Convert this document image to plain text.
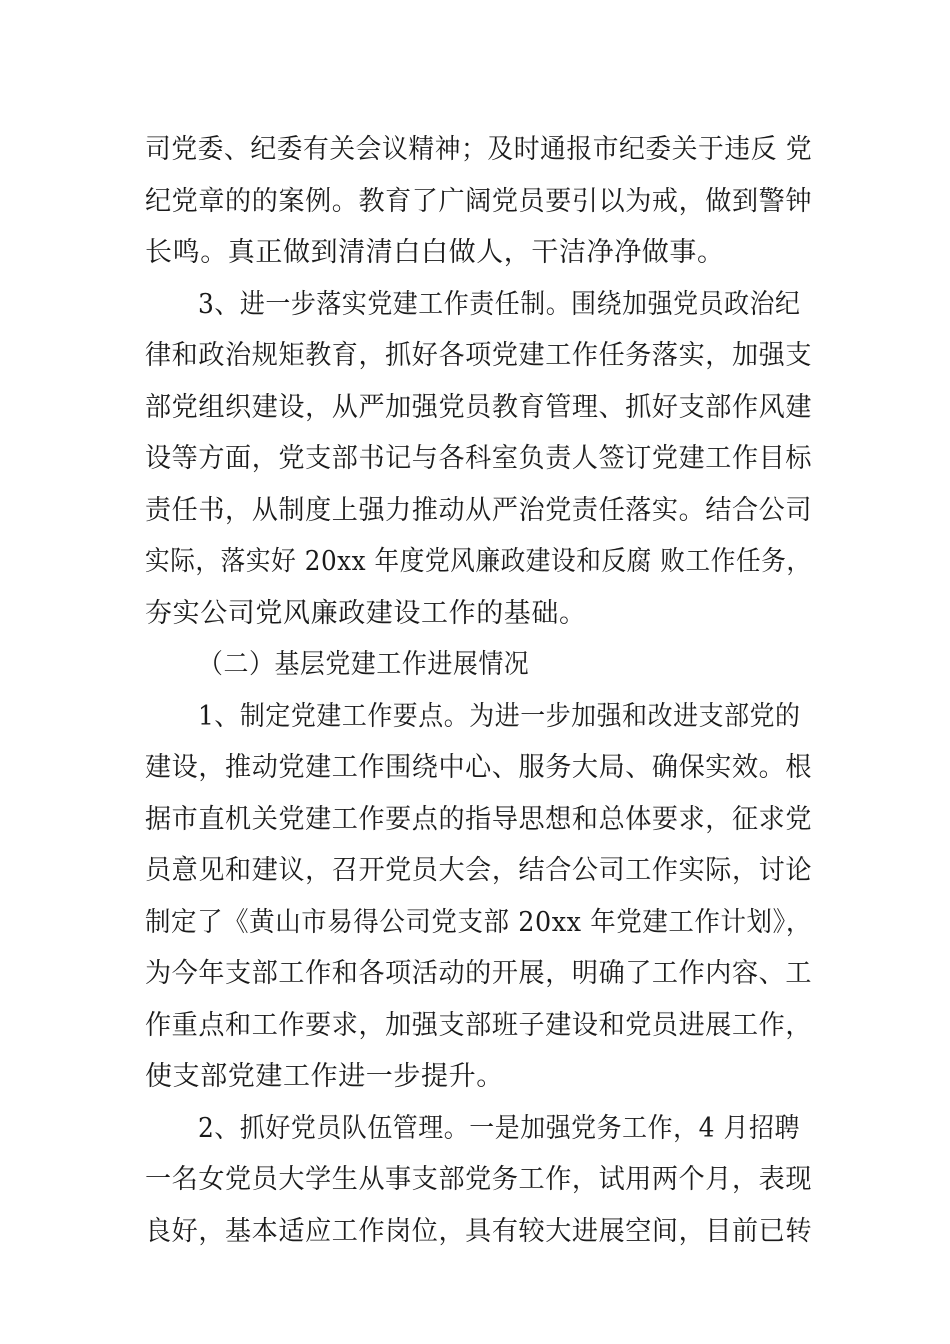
司党委、纪委有关会议精神；及时通报市纪委关于违反 党
纪党章的的案例。教育了广阔党员要引以为戒，做到警钟
长鸣。真正做到清清白白做人，干洁净净做事。
3、进一步落实党建工作责任制。围绕加强党员政治纪
律和政治规矩教育，抓好各项党建工作任务落实，加强支
部党组织建设，从严加强党员教育管理、抓好支部作风建
设等方面，党支部书记与各科室负责人签订党建工作目标
责任书，从制度上强力推动从严治党责任落实。结合公司
实际，落实好 20xx 年度党风廉政建设和反腐 败工作任务，
夯实公司党风廉政建设工作的基础。
（二）基层党建工作进展情况
1、制定党建工作要点。为进一步加强和改进支部党的
建设，推动党建工作围绕中心、服务大局、确保实效。根
据市直机关党建工作要点的指导思想和总体要求，征求党
员意见和建议，召开党员大会，结合公司工作实际，讨论
制定了《黄山市易得公司党支部 20xx 年党建工作计划》，
为今年支部工作和各项活动的开展，明确了工作内容、工
作重点和工作要求，加强支部班子建设和党员进展工作，
使支部党建工作进一步提升。
2、抓好党员队伍管理。一是加强党务工作，4 月招聘
一名女党员大学生从事支部党务工作，试用两个月，表现
良好，基本适应工作岗位，具有较大进展空间，目前已转
